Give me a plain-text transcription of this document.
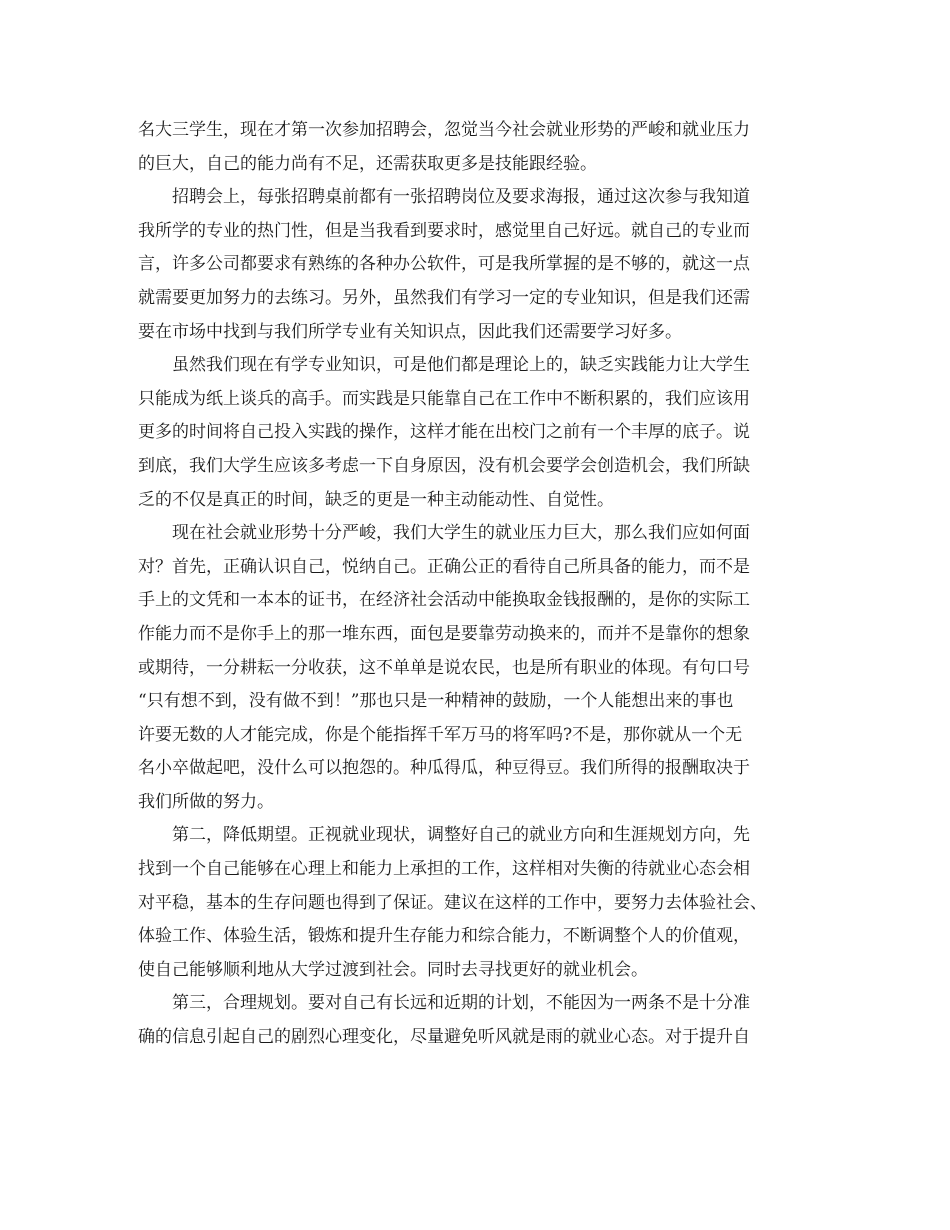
名大三学生，现在才第一次参加招聘会，忽觉当今社会就业形势的严峻和就业压力
的巨大，自己的能力尚有不足，还需获取更多是技能跟经验。
招聘会上，每张招聘桌前都有一张招聘岗位及要求海报，通过这次参与我知道
我所学的专业的热门性，但是当我看到要求时，感觉里自己好远。就自己的专业而
言，许多公司都要求有熟练的各种办公软件，可是我所掌握的是不够的，就这一点
就需要更加努力的去练习。另外，虽然我们有学习一定的专业知识，但是我们还需
要在市场中找到与我们所学专业有关知识点，因此我们还需要学习好多。
虽然我们现在有学专业知识，可是他们都是理论上的，缺乏实践能力让大学生
只能成为纸上谈兵的高手。而实践是只能靠自己在工作中不断积累的，我们应该用
更多的时间将自己投入实践的操作，这样才能在出校门之前有一个丰厚的底子。说
到底，我们大学生应该多考虑一下自身原因，没有机会要学会创造机会，我们所缺
乏的不仅是真正的时间，缺乏的更是一种主动能动性、自觉性。
现在社会就业形势十分严峻，我们大学生的就业压力巨大，那么我们应如何面
对？首先，正确认识自己，悦纳自己。正确公正的看待自己所具备的能力，而不是
手上的文凭和一本本的证书，在经济社会活动中能换取金钱报酬的，是你的实际工
作能力而不是你手上的那一堆东西，面包是要靠劳动换来的，而并不是靠你的想象
或期待，一分耕耘一分收获，这不单单是说农民，也是所有职业的体现。有句口号
“只有想不到，没有做不到！”那也只是一种精神的鼓励，一个人能想出来的事也
许要无数的人才能完成，你是个能指挥千军万马的将军吗?不是，那你就从一个无
名小卒做起吧，没什么可以抱怨的。种瓜得瓜，种豆得豆。我们所得的报酬取决于
我们所做的努力。
第二，降低期望。正视就业现状，调整好自己的就业方向和生涯规划方向，先
找到一个自己能够在心理上和能力上承担的工作，这样相对失衡的待就业心态会相
对平稳，基本的生存问题也得到了保证。建议在这样的工作中，要努力去体验社会、
体验工作、体验生活，锻炼和提升生存能力和综合能力，不断调整个人的价值观，
使自己能够顺利地从大学过渡到社会。同时去寻找更好的就业机会。
第三，合理规划。要对自己有长远和近期的计划，不能因为一两条不是十分准
确的信息引起自己的剧烈心理变化，尽量避免听风就是雨的就业心态。对于提升自
